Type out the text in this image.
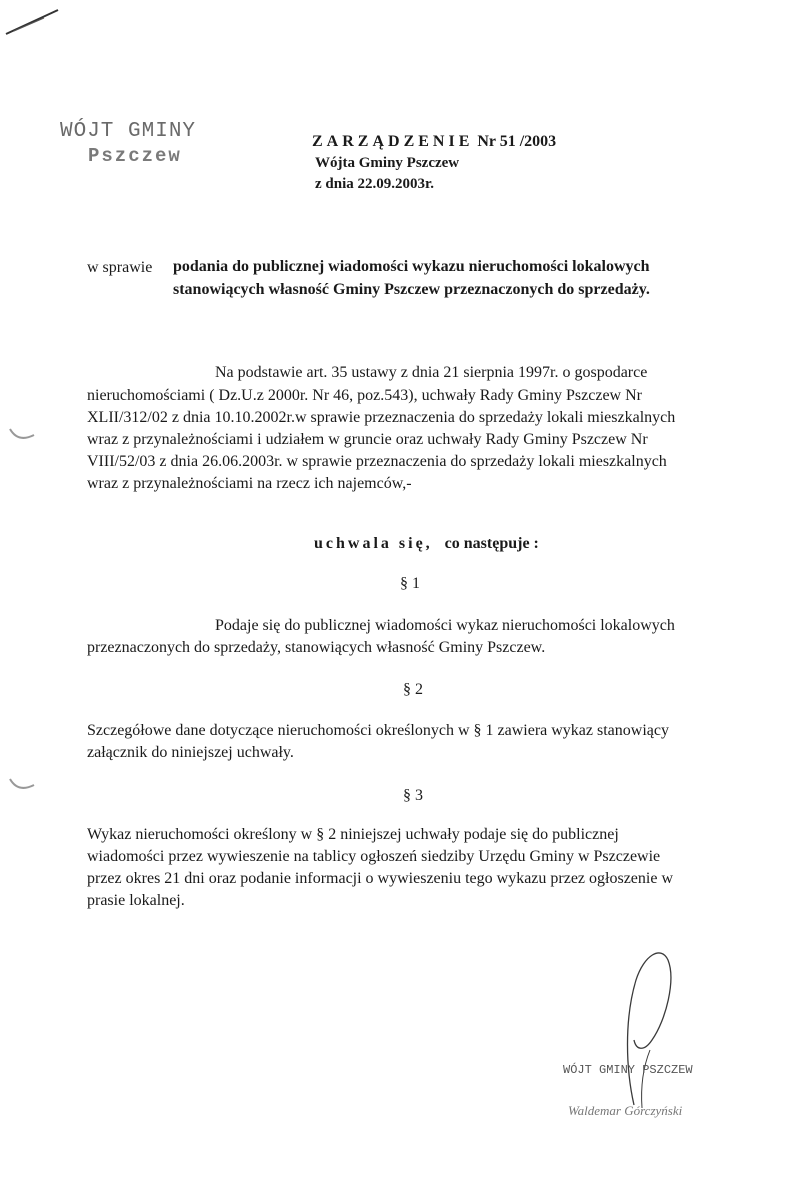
WÓJT GMINY
Pszczew
ZARZĄDZENIE Nr 51 /2003
Wójta Gminy Pszczew
z dnia 22.09.2003r.
w sprawie podania do publicznej wiadomości wykazu nieruchomości lokalowych
stanowiących własność Gminy Pszczew przeznaczonych do sprzedaży.
Na podstawie art. 35 ustawy z dnia 21 sierpnia 1997r. o gospodarce
nieruchomościami ( Dz.U.z 2000r. Nr 46, poz.543), uchwały Rady Gminy Pszczew Nr
XLII/312/02 z dnia 10.10.2002r.w sprawie przeznaczenia do sprzedaży lokali mieszkalnych
wraz z przynależnościami i udziałem w gruncie oraz uchwały Rady Gminy Pszczew Nr
VIII/52/03 z dnia 26.06.2003r. w sprawie przeznaczenia do sprzedaży lokali mieszkalnych
wraz z przynależnościami na rzecz ich najemców,-
uchwala się, co następuje :
§ 1
Podaje się do publicznej wiadomości wykaz nieruchomości lokalowych
przeznaczonych do sprzedaży, stanowiących własność Gminy Pszczew.
§ 2
Szczegółowe dane dotyczące nieruchomości określonych w § 1 zawiera wykaz stanowiący
załącznik do niniejszej uchwały.
§ 3
Wykaz nieruchomości określony w § 2 niniejszej uchwały podaje się do publicznej
wiadomości przez wywieszenie na tablicy ogłoszeń siedziby Urzędu Gminy w Pszczewie
przez okres 21 dni oraz podanie informacji o wywieszeniu tego wykazu przez ogłoszenie w
prasie lokalnej.
WÓJT GMINY PSZCZEW
Waldemar Górczyński
